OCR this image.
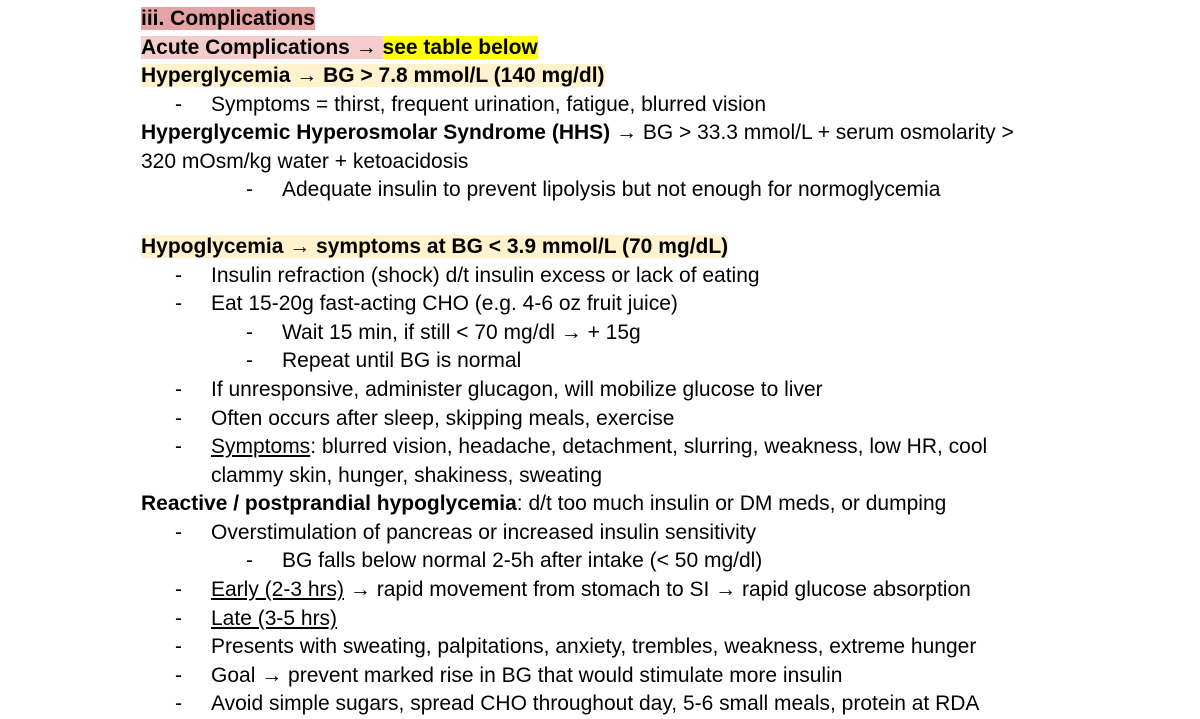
iii. Complications
Acute Complications → see table below
Hyperglycemia → BG > 7.8 mmol/L (140 mg/dl)
- Symptoms = thirst, frequent urination, fatigue, blurred vision
Hyperglycemic Hyperosmolar Syndrome (HHS) → BG > 33.3 mmol/L + serum osmolarity >
320 mOsm/kg water + ketoacidosis
- Adequate insulin to prevent lipolysis but not enough for normoglycemia
Hypoglycemia → symptoms at BG < 3.9 mmol/L (70 mg/dL)
- Insulin refraction (shock) d/t insulin excess or lack of eating
- Eat 15-20g fast-acting CHO (e.g. 4-6 oz fruit juice)
- Wait 15 min, if still < 70 mg/dl → + 15g
- Repeat until BG is normal
- If unresponsive, administer glucagon, will mobilize glucose to liver
- Often occurs after sleep, skipping meals, exercise
- Symptoms: blurred vision, headache, detachment, slurring, weakness, low HR, cool
clammy skin, hunger, shakiness, sweating
Reactive / postprandial hypoglycemia: d/t too much insulin or DM meds, or dumping
- Overstimulation of pancreas or increased insulin sensitivity
- BG falls below normal 2-5h after intake (< 50 mg/dl)
- Early (2-3 hrs) → rapid movement from stomach to SI → rapid glucose absorption
- Late (3-5 hrs)
- Presents with sweating, palpitations, anxiety, trembles, weakness, extreme hunger
- Goal → prevent marked rise in BG that would stimulate more insulin
- Avoid simple sugars, spread CHO throughout day, 5-6 small meals, protein at RDA
